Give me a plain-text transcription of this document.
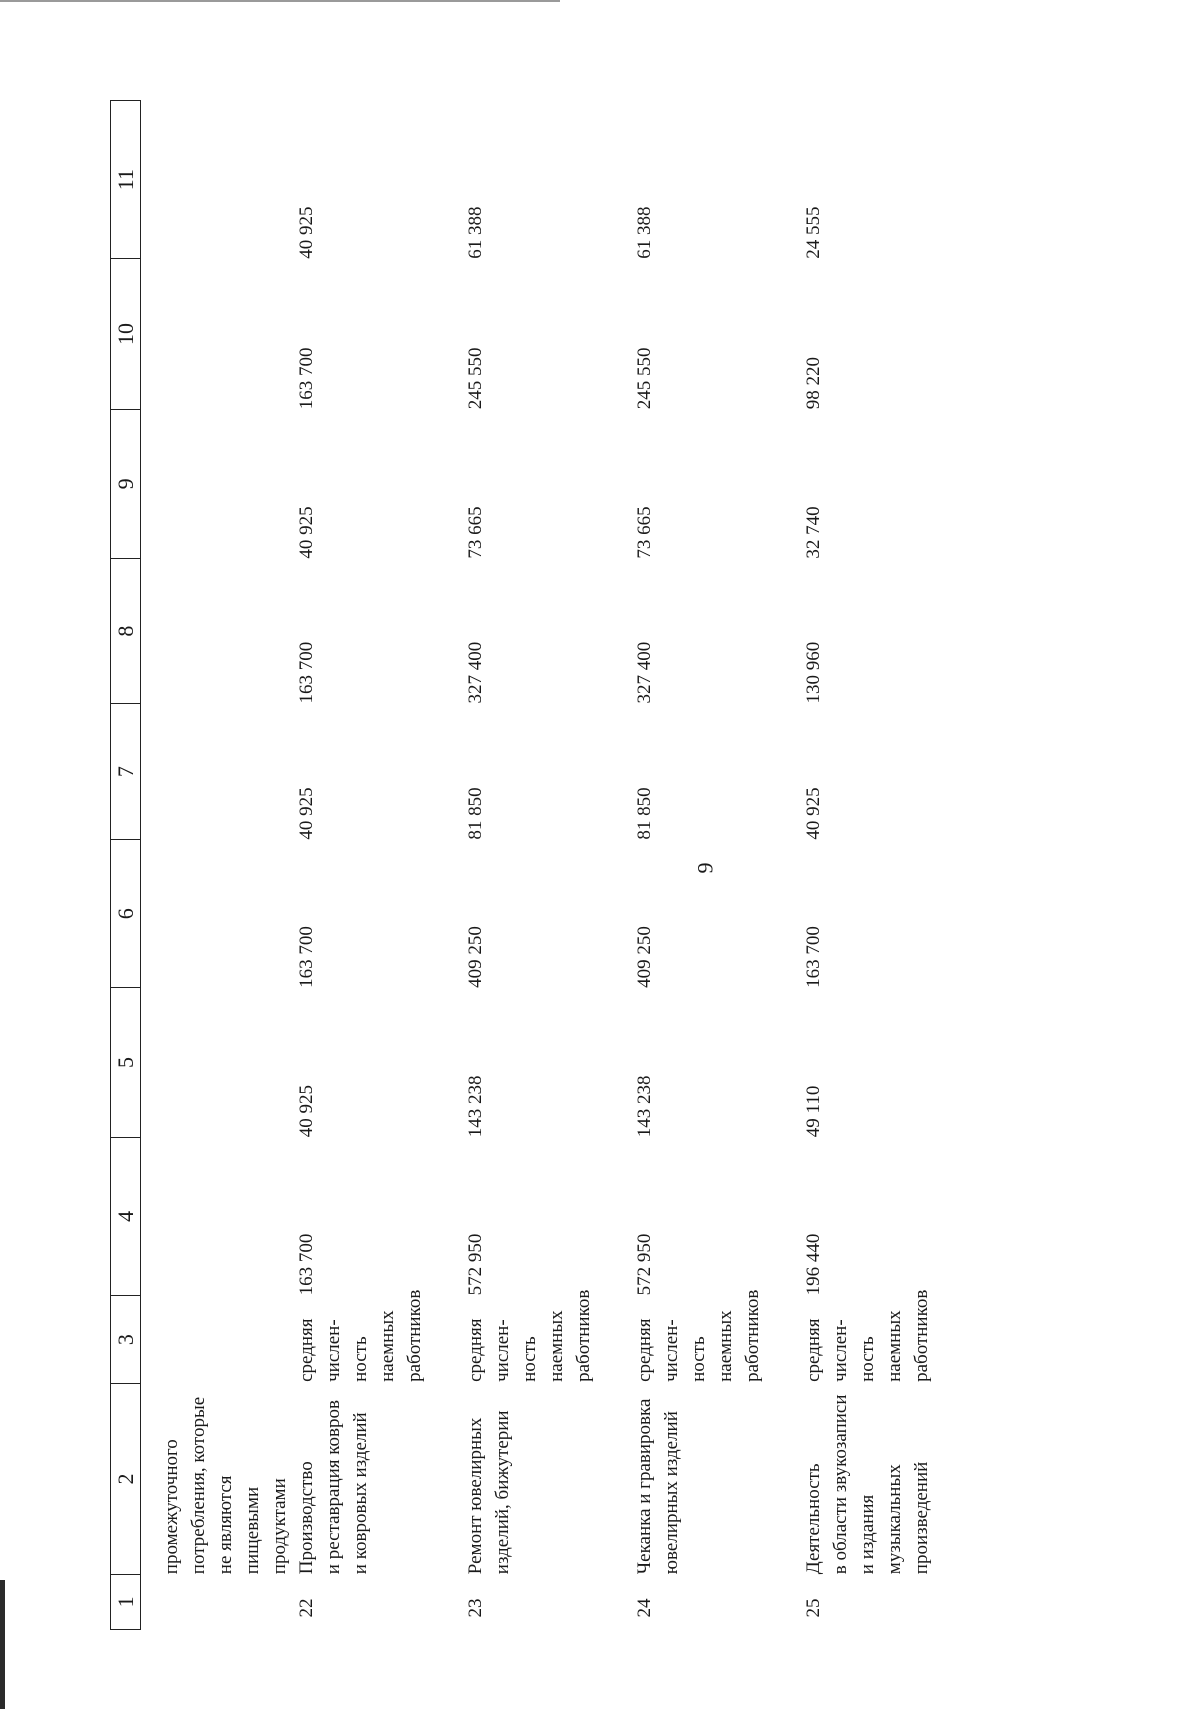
9
1	2	3	4	5	6	7	8	9	10	11

	промежуточного потребления, которые не являются пищевыми продуктами									

22	Производство и реставрация ковров и ковровых изделий	средняя числен- ность наемных работников	163 700	40 925	163 700	40 925	163 700	40 925	163 700	40 925
23	Ремонт ювелирных изделий, бижутерии	средняя числен- ность наемных работников	572 950	143 238	409 250	81 850	327 400	73 665	245 550	61 388
24	Чеканка и гравировка ювелирных изделий	средняя числен- ность наемных работников	572 950	143 238	409 250	81 850	327 400	73 665	245 550	61 388
25	Деятельность в области звукозаписи и издания музыкальных произведений	средняя числен- ность наемных работников	196 440	49 110	163 700	40 925	130 960	32 740	98 220	24 555
